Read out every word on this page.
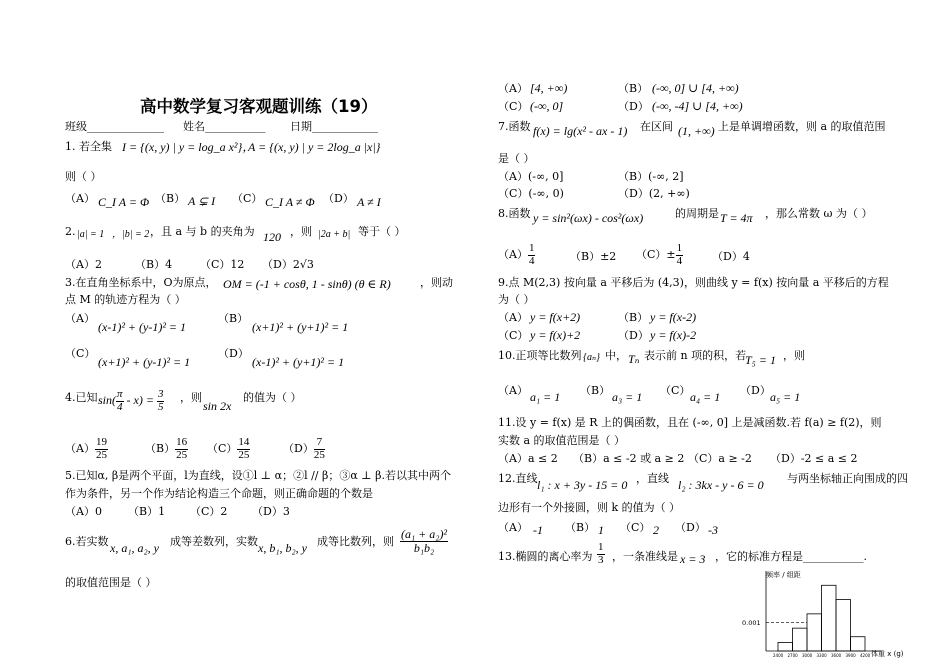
高中数学复习客观题训练（19）
班级______________ 姓名___________ 日期____________
1. 若全集 I = {(x, y) | y = log_a x²}，
A = {(x, y) | y = 2log_a |x|}
则（ ）
（A） C_I A = Φ （B） A ⊊ I （C） C_I A ≠ Φ （D） A ≠ I
2. |a| = 1 ，|b| = 2 ，且 a 与 b 的夹角为 120 ，则 |2a + b| 等于（ ）
（A）2	（B）4	（C）12 （D）2√3
3.在直角坐标系中，O为原点， OM = (-1 + cosθ, 1 - sinθ) (θ ∈ R)	，则动
点 M 的轨迹方程为（ ）
（A）
(x-1)² + (y-1)² = 1
（B）
(x+1)² + (y+1)² = 1
（C）
(x+1)² + (y-1)² = 1
（D）
(x-1)² + (y+1)² = 1
4.已知 $\sin( \frac{\pi}{4} - x) = \frac{3}{5}$ ，则
sin 2x
的值为（ ）
$(A) \frac{19}{25}$	$(B) \frac{16}{25} (C) \frac{14}{25}$	$(D) \frac{7}{25}$
5.已知α, β是两个平面，l为直线，设①l ⊥ α；②l // β；③α ⊥ β.若以其中两个
作为条件，另一个作为结论构造三个命题，则正确命题的个数是
（A）0 （B）1 （C）2 （D）3
6.若实数 x, a₁, a₂, y 成等差数列，实数 x, b₁, b₂, y 成等比数列，则 $\frac{\text{(a₁ + a₂)²}}{\text{b₁b₂}}$
的取值范围是（ ）
（A） [4, +∞)	（B） (-∞, 0] ∪ [4, +∞)
（C） (-∞, 0]	（D） (-∞, -4] ∪ [4, +∞)
7.函数 f(x) = lg(x² - ax - 1) 在区间 (1, +∞) 上是单调增函数，则 a 的取值范围
是（ ）
（A）(-∞, 0]	（B）(-∞, 2]
（C）(-∞, 0)	（D）(2, +∞)
8.函数 y = sin²(ωx) - cos²(ωx)	的周期是 T = 4π ，那么常数 ω 为（ ）
$(A) \frac{1}{4}$	（B）±2 $(C)\pm \frac{1}{4}$	（D）4
9.点 M(2,3) 按向量 a 平移后为 (4,3)，则曲线 y = f(x) 按向量 a 平移后的方程
为（ ）
（A） y = f(x+2)	（B） y = f(x-2)
（C） y = f(x)+2	（D） y = f(x)-2
10.正项等比数列 {aₙ} 中， Tₙ 表示前 n 项的积，若
T₅ = 1 ，则
（A） a₁ = 1 （B） a₃ = 1 （C） a₄ = 1 （D） a₅ = 1
11.设 y = f(x) 是 R 上的偶函数，且在 (-∞, 0] 上是减函数.若 f(a) ≥ f(2)，则
实数 a 的取值范围是（ ）
（A）a ≤ 2 （B）a ≤ -2 或 a ≥ 2 （C）a ≥ -2 （D）-2 ≤ a ≤ 2
12.直线 l₁ : x + 3y - 15 = 0 ，直线 l₂ : 3kx - y - 6 = 0 与两坐标轴正向围成的四
边形有一个外接圆，则 k 的值为（ ）
（A） -1 （B） 1 （C） 2 （D） -3
13.椭圆的离心率为 $\frac{1}{3}$ ，一条准线是 x = 3 ，它的标准方程是___________.
频率 / 组距
0.001
2400 2700 3000 3300 3600 3900 4200 体重 x (g)
